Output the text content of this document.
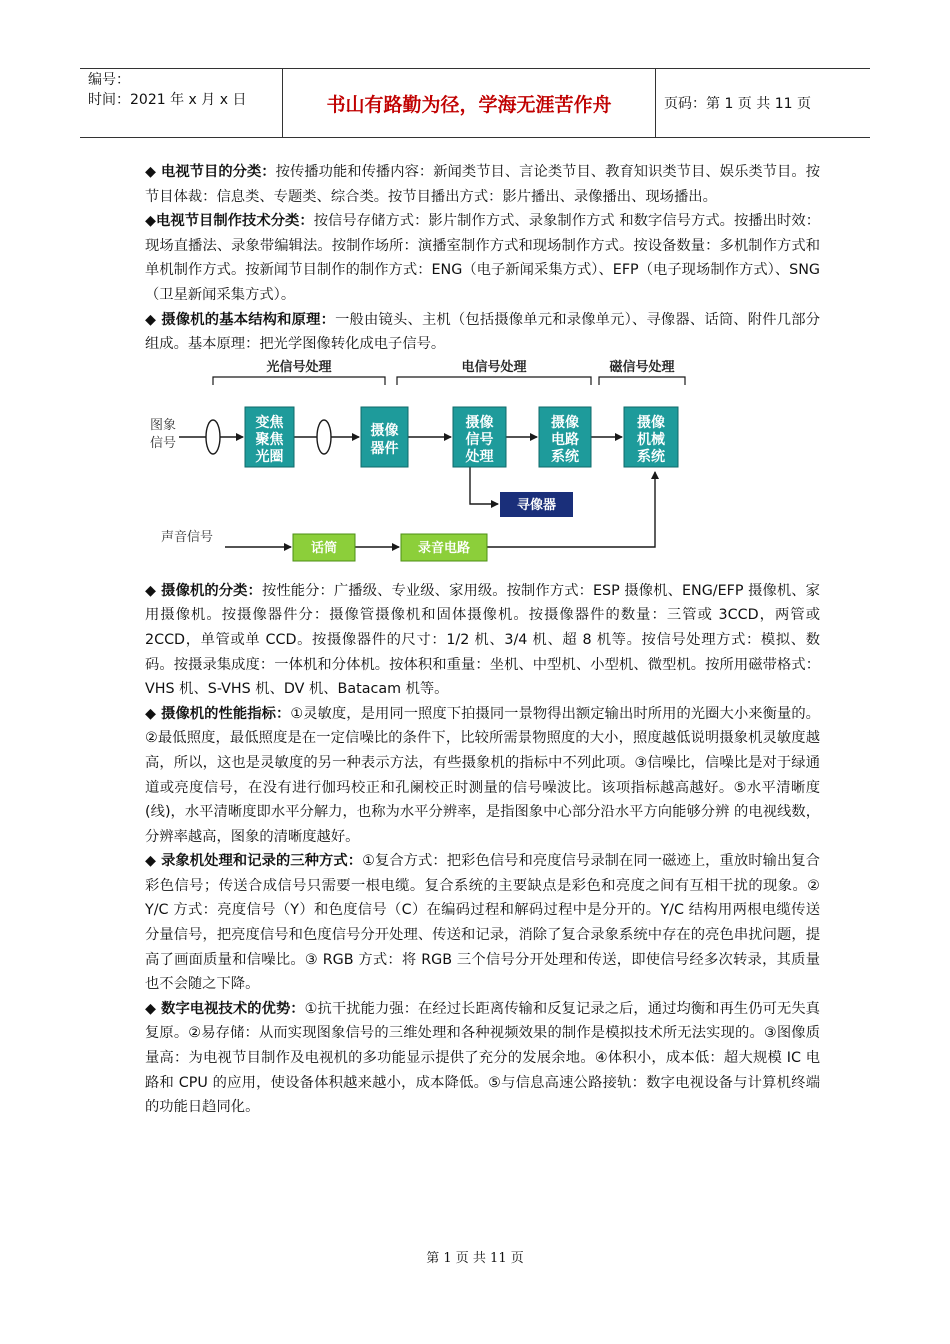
编号：
时间：2021 年 x 月 x 日	书山有路勤为径，学海无涯苦作舟	页码：第 1 页 共 11 页

◆ 电视节目的分类：按传播功能和传播内容：新闻类节目、言论类节目、教育知识类节目、娱乐类节目。按节目体裁：信息类、专题类、综合类。按节目播出方式：影片播出、录像播出、现场播出。

◆电视节目制作技术分类：按信号存储方式：影片制作方式、录象制作方式 和数字信号方式。按播出时效：现场直播法、录象带编辑法。按制作场所：演播室制作方式和现场制作方式。按设备数量：多机制作方式和单机制作方式。按新闻节目制作的制作方式：ENG（电子新闻采集方式）、EFP（电子现场制作方式）、SNG（卫星新闻采集方式）。

◆ 摄像机的基本结构和原理：一般由镜头、主机（包括摄像单元和录像单元）、寻像器、话筒、附件几部分组成。基本原理：把光学图像转化成电子信号。

光信号处理	电信号处理	磁信号处理
图象
信号
声音信号
变焦
聚焦
光圈
摄像
器件
摄像
信号
处理
摄像
电路
系统
摄像
机械
系统
寻像器
话筒	录音电路

◆ 摄像机的分类：按性能分：广播级、专业级、家用级。按制作方式：ESP 摄像机、ENG/EFP 摄像机、家用摄像机。按摄像器件分：摄像管摄像机和固体摄像机。按摄像器件的数量：三管或 3CCD，两管或 2CCD，单管或单 CCD。按摄像器件的尺寸：1/2 机、3/4 机、超 8 机等。按信号处理方式：模拟、数码。按摄录集成度：一体机和分体机。按体积和重量：坐机、中型机、小型机、微型机。按所用磁带格式：VHS 机、S-VHS 机、DV 机、Batacam 机等。

◆ 摄像机的性能指标：①灵敏度，是用同一照度下拍摄同一景物得出额定输出时所用的光圈大小来衡量的。②最低照度，最低照度是在一定信噪比的条件下，比较所需景物照度的大小，照度越低说明摄象机灵敏度越高，所以，这也是灵敏度的另一种表示方法，有些摄象机的指标中不列此项。③信噪比，信噪比是对于绿通道或亮度信号，在没有进行伽玛校正和孔阑校正时测量的信号噪波比。该项指标越高越好。⑤水平清晰度(线)，水平清晰度即水平分解力，也称为水平分辨率，是指图象中心部分沿水平方向能够分辨 的电视线数，分辨率越高，图象的清晰度越好。

◆ 录象机处理和记录的三种方式：①复合方式：把彩色信号和亮度信号录制在同一磁迹上，重放时输出复合彩色信号；传送合成信号只需要一根电缆。复合系统的主要缺点是彩色和亮度之间有互相干扰的现象。② Y/C 方式：亮度信号（Y）和色度信号（C）在编码过程和解码过程中是分开的。Y/C 结构用两根电缆传送分量信号，把亮度信号和色度信号分开处理、传送和记录，消除了复合录象系统中存在的亮色串扰问题，提高了画面质量和信噪比。③ RGB 方式：将 RGB 三个信号分开处理和传送，即使信号经多次转录，其质量也不会随之下降。

◆ 数字电视技术的优势：①抗干扰能力强：在经过长距离传输和反复记录之后，通过均衡和再生仍可无失真复原。②易存储：从而实现图象信号的三维处理和各种视频效果的制作是模拟技术所无法实现的。③图像质量高：为电视节目制作及电视机的多功能显示提供了充分的发展余地。④体积小，成本低：超大规模 IC 电路和 CPU 的应用，使设备体积越来越小，成本降低。⑤与信息高速公路接轨：数字电视设备与计算机终端的功能日趋同化。

第 1 页 共 11 页
